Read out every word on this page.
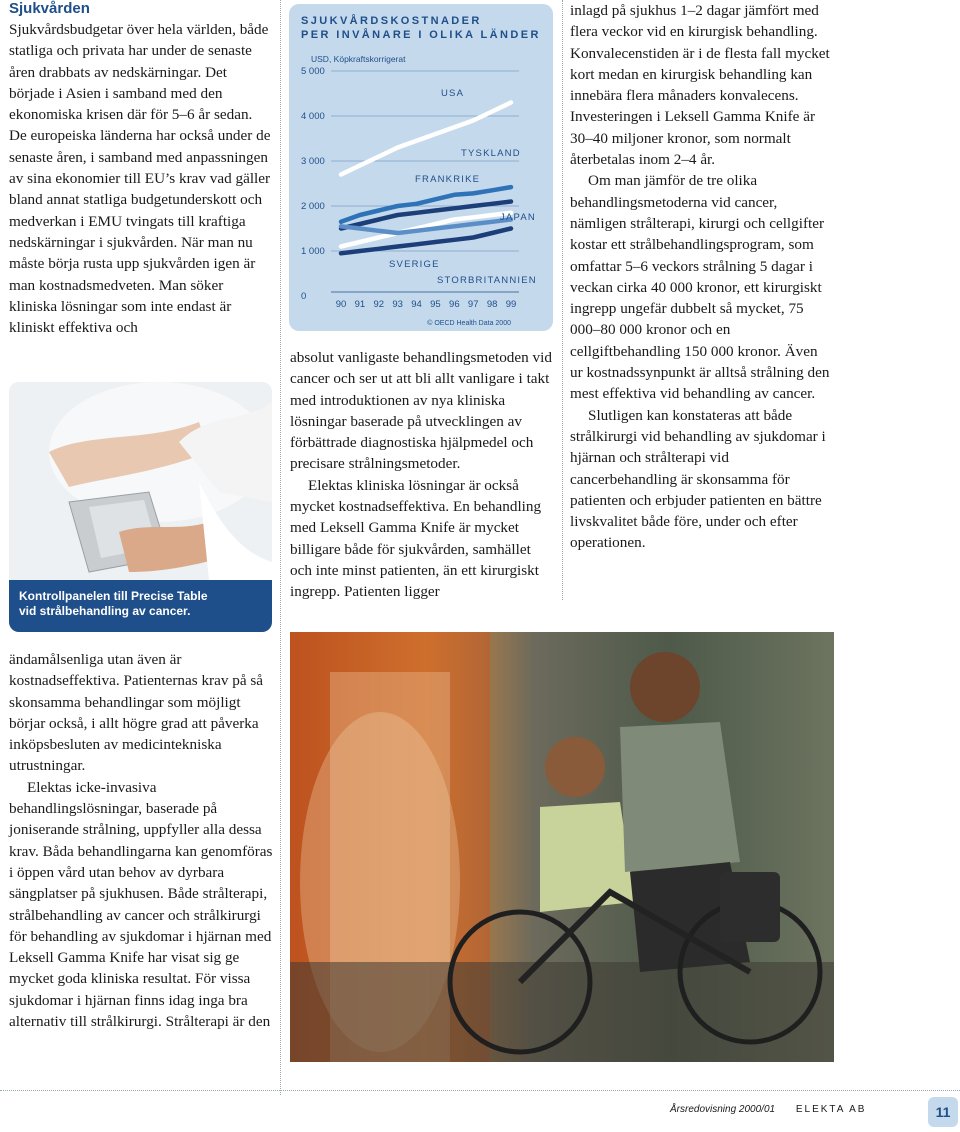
Sjukvården

Sjukvårdsbudgetar över hela världen, både statliga och privata har under de senaste åren drabbats av nedskärningar. Det började i Asien i samband med den ekonomiska krisen där för 5–6 år sedan. De europeiska länderna har också under de senaste åren, i samband med anpassningen av sina ekonomier till EU’s krav vad gäller bland annat statliga budgetunderskott och medverkan i EMU tvingats till kraftiga nedskärningar i sjukvården. När man nu måste börja rusta upp sjukvården igen är man kostnadsmedveten. Man söker kliniska lösningar som inte endast är kliniskt effektiva och

Kontrollpanelen till Precise Table
vid strålbehandling av cancer.

ändamålsenliga utan även är kostnadseffektiva. Patienternas krav på så skonsamma behandlingar som möjligt börjar också, i allt högre grad att påverka inköpsbesluten av medicintekniska utrustningar.

Elektas icke-invasiva behandlingslösningar, baserade på joniserande strålning, uppfyller alla dessa krav. Båda behandlingarna kan genomföras i öppen vård utan behov av dyrbara sängplatser på sjukhusen. Både strålterapi, strålbehandling av cancer och strålkirurgi för behandling av sjukdomar i hjärnan med Leksell Gamma Knife har visat sig ge mycket goda kliniska resultat. För vissa sjukdomar i hjärnan finns idag inga bra alternativ till strålkirurgi. Strålterapi är den

SJUKVÅRDSKOSTNADER
PER INVÅNARE I OLIKA LÄNDER

USD, Köpkraftskorrigerat
5 000
4 000
3 000
2 000
1 000
0
90 91 92 93 94 95 96 97 98 99
USA
TYSKLAND
FRANKRIKE
JAPAN
SVERIGE
STORBRITANNIEN
© OECD Health Data 2000

absolut vanligaste behandlingsmetoden vid cancer och ser ut att bli allt vanligare i takt med introduktionen av nya kliniska lösningar baserade på utvecklingen av förbättrade diagnostiska hjälpmedel och precisare strålningsmetoder.

Elektas kliniska lösningar är också mycket kostnadseffektiva. En behandling med Leksell Gamma Knife är mycket billigare både för sjukvården, samhället och inte minst patienten, än ett kirurgiskt ingrepp. Patienten ligger

inlagd på sjukhus 1–2 dagar jämfört med flera veckor vid en kirurgisk behandling. Konvalecenstiden är i de flesta fall mycket kort medan en kirurgisk behandling kan innebära flera månaders konvalecens. Investeringen i Leksell Gamma Knife är 30–40 miljoner kronor, som normalt återbetalas inom 2–4 år.

Om man jämför de tre olika behandlingsmetoderna vid cancer, nämligen strålterapi, kirurgi och cellgifter kostar ett strålbehandlingsprogram, som omfattar 5–6 veckors strålning 5 dagar i veckan cirka 40 000 kronor, ett kirurgiskt ingrepp ungefär dubbelt så mycket, 75 000–80 000 kronor och en cellgiftbehandling 150 000 kronor. Även ur kostnadssynpunkt är alltså strålning den mest effektiva vid behandling av cancer.

Slutligen kan konstateras att både strålkirurgi vid behandling av sjukdomar i hjärnan och strålterapi vid cancerbehandling är skonsamma för patienten och erbjuder patienten en bättre livskvalitet både före, under och efter operationen.

Årsredovisning 2000/01 ELEKTA AB	11
